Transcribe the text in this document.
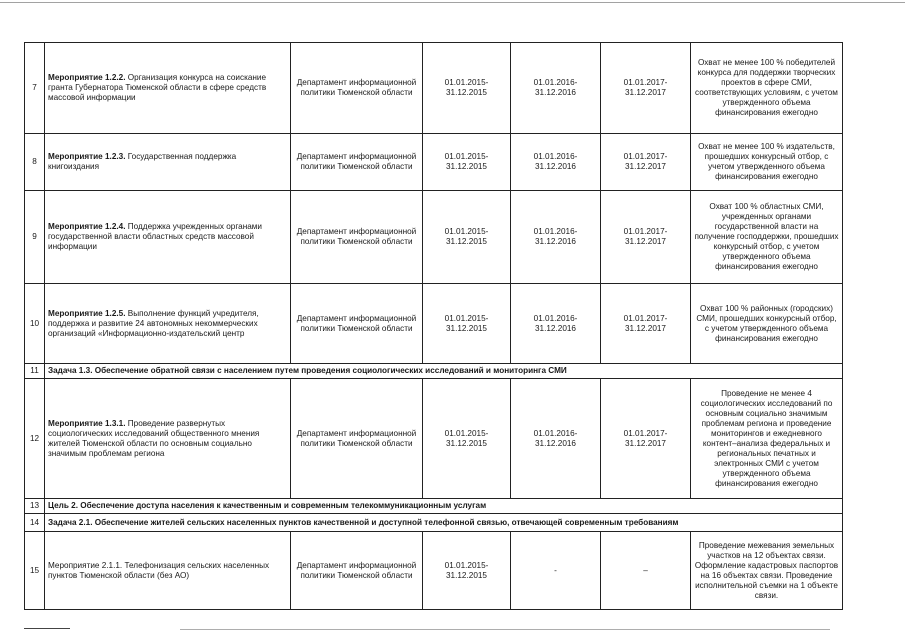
7	Мероприятие 1.2.2. Организация конкурса на соискание гранта Губернатора Тюменской области в сфере средств массовой информации	Департамент информационной политики Тюменской области	01.01.2015-31.12.2015	01.01.2016-31.12.2016	01.01.2017-31.12.2017	Охват не менее 100 % победителей конкурса для поддержки творческих проектов в сфере СМИ, соответствующих условиям, с учетом утвержденного объема финансирования ежегодно
8	Мероприятие 1.2.3. Государственная поддержка книгоиздания	Департамент информационной политики Тюменской области	01.01.2015-31.12.2015	01.01.2016-31.12.2016	01.01.2017-31.12.2017	Охват не менее 100 % издательств, прошедших конкурсный отбор, с учетом утвержденного объема финансирования ежегодно
9	Мероприятие 1.2.4. Поддержка учрежденных органами государственной власти областных средств массовой информации	Департамент информационной политики Тюменской области	01.01.2015-31.12.2015	01.01.2016-31.12.2016	01.01.2017-31.12.2017	Охват 100 % областных СМИ, учрежденных органами государственной власти на получение господдержки, прошедших конкурсный отбор, с учетом утвержденного объема финансирования ежегодно
10	Мероприятие 1.2.5. Выполнение функций учредителя, поддержка и развитие 24 автономных некоммерческих организаций «Информационно-издательский центр	Департамент информационной политики Тюменской области	01.01.2015-31.12.2015	01.01.2016-31.12.2016	01.01.2017-31.12.2017	Охват 100 % районных (городских) СМИ, прошедших конкурсный отбор, с учетом утвержденного объема финансирования ежегодно
11	Задача 1.3. Обеспечение обратной связи с населением путем проведения социологических исследований и мониторинга СМИ					
12	Мероприятие 1.3.1. Проведение развернутых социологических исследований общественного мнения жителей Тюменской области по основным социально значимым проблемам региона	Департамент информационной политики Тюменской области	01.01.2015-31.12.2015	01.01.2016-31.12.2016	01.01.2017-31.12.2017	Проведение не менее 4 социологических исследований по основным социально значимым проблемам региона и проведение мониторингов и ежедневного контент–анализа федеральных и региональных печатных и электронных СМИ с учетом утвержденного объема финансирования ежегодно
13	Цель 2. Обеспечение доступа населения к качественным и современным телекоммуникационным услугам					
14	Задача 2.1. Обеспечение жителей сельских населенных пунктов качественной и доступной телефонной связью, отвечающей современным требованиям					
15	Мероприятие 2.1.1. Телефонизация сельских населенных пунктов Тюменской области (без АО)	Департамент информационной политики Тюменской области	01.01.2015-31.12.2015	-	–	Проведение межевания земельных участков на 12 объектах связи. Оформление кадастровых паспортов на 16 объектах связи. Проведение исполнительной съемки на 1 объекте связи.
